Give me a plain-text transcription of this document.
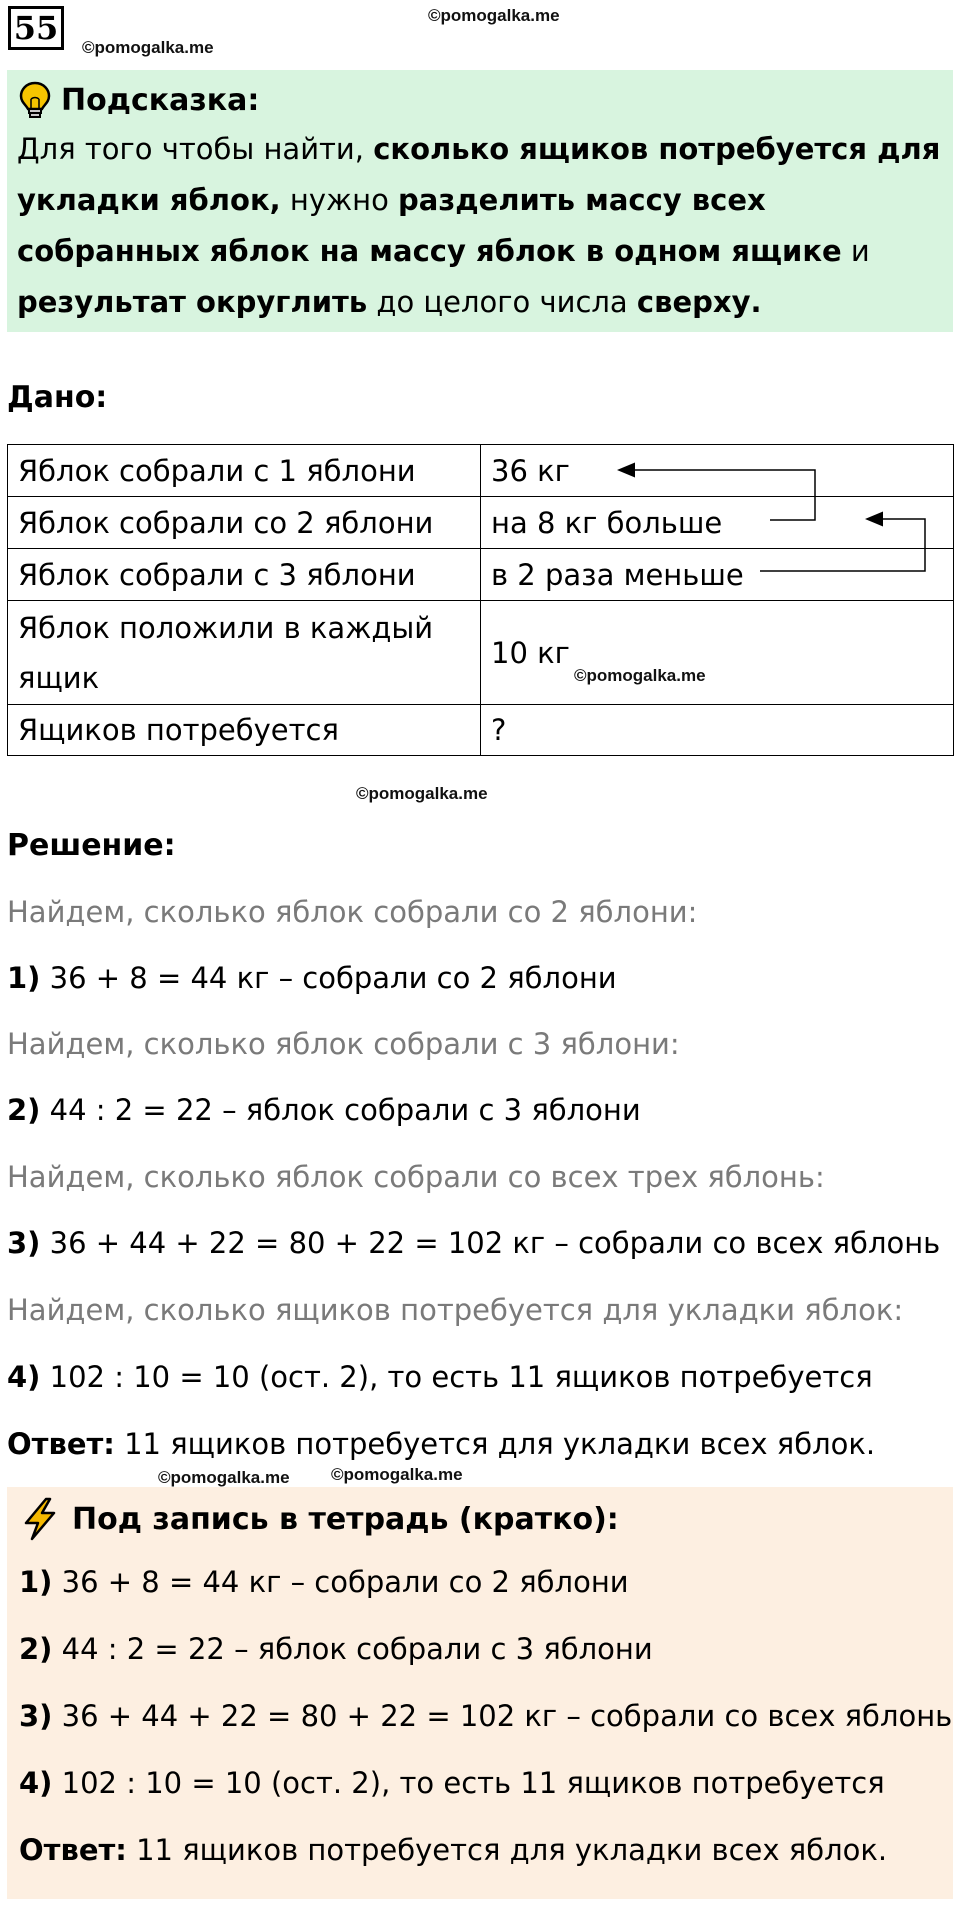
55	©pomogalka.me
©pomogalka.me
Подсказка:
Для того чтобы найти, сколько ящиков потребуется для укладки яблок, нужно разделить массу всех собранных яблок на массу яблок в одном ящике и результат округлить до целого числа сверху.
Дано:
Яблок собрали с 1 яблони	36 кг
Яблок собрали со 2 яблони	на 8 кг больше
Яблок собрали с 3 яблони	в 2 раза меньше
Яблок положили в каждый ящик	10 кг
Ящиков потребуется	?
©pomogalka.me
©pomogalka.me
Решение:
Найдем, сколько яблок собрали со 2 яблони:
1) 36 + 8 = 44 кг – собрали со 2 яблони
Найдем, сколько яблок собрали с 3 яблони:
2) 44 : 2 = 22 – яблок собрали с 3 яблони
Найдем, сколько яблок собрали со всех трех яблонь:
3) 36 + 44 + 22 = 80 + 22 = 102 кг – собрали со всех яблонь
Найдем, сколько ящиков потребуется для укладки яблок:
4) 102 : 10 = 10 (ост. 2), то есть 11 ящиков потребуется
Ответ: 11 ящиков потребуется для укладки всех яблок.
©pomogalka.me ©pomogalka.me
Под запись в тетрадь (кратко):
1) 36 + 8 = 44 кг – собрали со 2 яблони
2) 44 : 2 = 22 – яблок собрали с 3 яблони
3) 36 + 44 + 22 = 80 + 22 = 102 кг – собрали со всех яблонь
4) 102 : 10 = 10 (ост. 2), то есть 11 ящиков потребуется
Ответ: 11 ящиков потребуется для укладки всех яблок.
